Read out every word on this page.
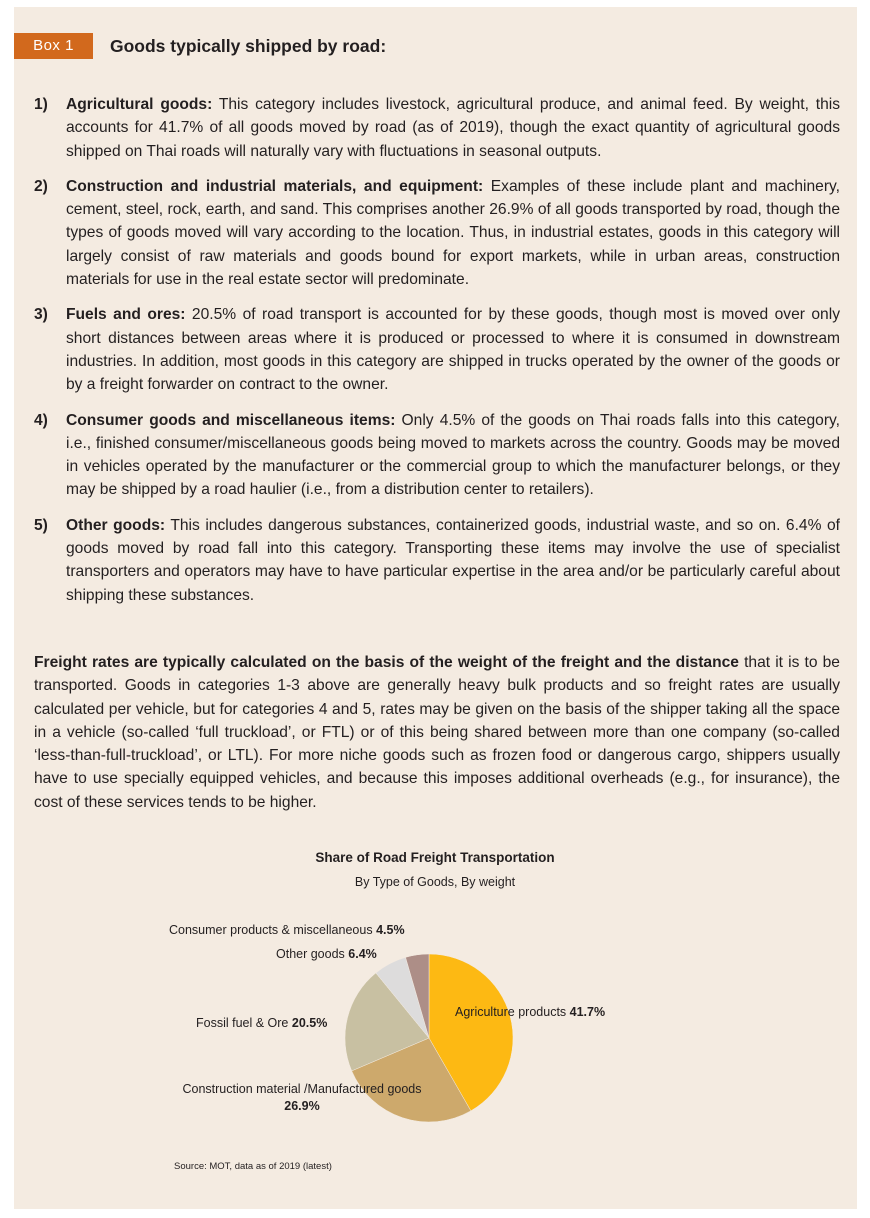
Box 1	Goods typically shipped by road:
1)	Agricultural goods: This category includes livestock, agricultural produce, and animal feed. By weight, this accounts for 41.7% of all goods moved by road (as of 2019), though the exact quantity of agricultural goods shipped on Thai roads will naturally vary with fluctuations in seasonal outputs.
2)	Construction and industrial materials, and equipment: Examples of these include plant and machinery, cement, steel, rock, earth, and sand. This comprises another 26.9% of all goods transported by road, though the types of goods moved will vary according to the location. Thus, in industrial estates, goods in this category will largely consist of raw materials and goods bound for export markets, while in urban areas, construction materials for use in the real estate sector will predominate.
3)	Fuels and ores: 20.5% of road transport is accounted for by these goods, though most is moved over only short distances between areas where it is produced or processed to where it is consumed in downstream industries. In addition, most goods in this category are shipped in trucks operated by the owner of the goods or by a freight forwarder on contract to the owner.
4)	Consumer goods and miscellaneous items: Only 4.5% of the goods on Thai roads falls into this category, i.e., finished consumer/miscellaneous goods being moved to markets across the country. Goods may be moved in vehicles operated by the manufacturer or the commercial group to which the manufacturer belongs, or they may be shipped by a road haulier (i.e., from a distribution center to retailers).
5)	Other goods: This includes dangerous substances, containerized goods, industrial waste, and so on. 6.4% of goods moved by road fall into this category. Transporting these items may involve the use of specialist transporters and operators may have to have particular expertise in the area and/or be particularly careful about shipping these substances.

Freight rates are typically calculated on the basis of the weight of the freight and the distance that it is to be transported. Goods in categories 1-3 above are generally heavy bulk products and so freight rates are usually calculated per vehicle, but for categories 4 and 5, rates may be given on the basis of the shipper taking all the space in a vehicle (so-called ‘full truckload’, or FTL) or of this being shared between more than one company (so-called ‘less-than-full-truckload’, or LTL). For more niche goods such as frozen food or dangerous cargo, shippers usually have to use specially equipped vehicles, and because this imposes additional overheads (e.g., for insurance), the cost of these services tends to be higher.

Share of Road Freight Transportation
By Type of Goods, By weight
Consumer products & miscellaneous 4.5%
Other goods 6.4%
Fossil fuel & Ore 20.5%
Agriculture products 41.7%
Construction material /Manufactured goods
26.9%
Source: MOT, data as of 2019 (latest)
